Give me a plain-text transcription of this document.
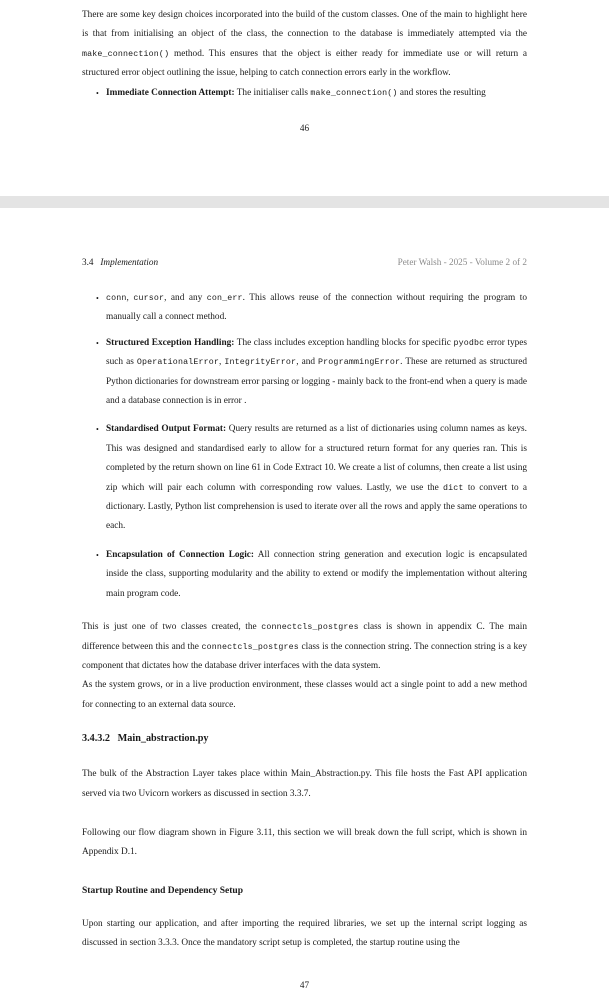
There are some key design choices incorporated into the build of the custom classes. One of the main to highlight here is that from initialising an object of the class, the connection to the database is immediately attempted via the make_connection() method. This ensures that the object is either ready for immediate use or will return a structured error object outlining the issue, helping to catch connection errors early in the workflow.

• Immediate Connection Attempt: The initialiser calls make_connection() and stores the resulting
46
3.4 Implementation	Peter Walsh - 2025 - Volume 2 of 2
• conn, cursor, and any con_err. This allows reuse of the connection without requiring the program to manually call a connect method.
• Structured Exception Handling: The class includes exception handling blocks for specific pyodbc error types such as OperationalError, IntegrityError, and ProgrammingError. These are returned as structured Python dictionaries for downstream error parsing or logging - mainly back to the front-end when a query is made and a database connection is in error .
• Standardised Output Format: Query results are returned as a list of dictionaries using column names as keys. This was designed and standardised early to allow for a structured return format for any queries ran. This is completed by the return shown on line 61 in Code Extract 10. We create a list of columns, then create a list using zip which will pair each column with corresponding row values. Lastly, we use the dict to convert to a dictionary. Lastly, Python list comprehension is used to iterate over all the rows and apply the same operations to each.
• Encapsulation of Connection Logic: All connection string generation and execution logic is encapsulated inside the class, supporting modularity and the ability to extend or modify the implementation without altering main program code.

This is just one of two classes created, the connectcls_postgres class is shown in appendix C. The main difference between this and the connectcls_postgres class is the connection string. The connection string is a key component that dictates how the database driver interfaces with the data system.

As the system grows, or in a live production environment, these classes would act a single point to add a new method for connecting to an external data source.

3.4.3.2 Main_abstraction.py

The bulk of the Abstraction Layer takes place within Main_Abstraction.py. This file hosts the Fast API application served via two Uvicorn workers as discussed in section 3.3.7.

Following our flow diagram shown in Figure 3.11, this section we will break down the full script, which is shown in Appendix D.1.

Startup Routine and Dependency Setup

Upon starting our application, and after importing the required libraries, we set up the internal script logging as discussed in section 3.3.3. Once the mandatory script setup is completed, the startup routine using the

47
